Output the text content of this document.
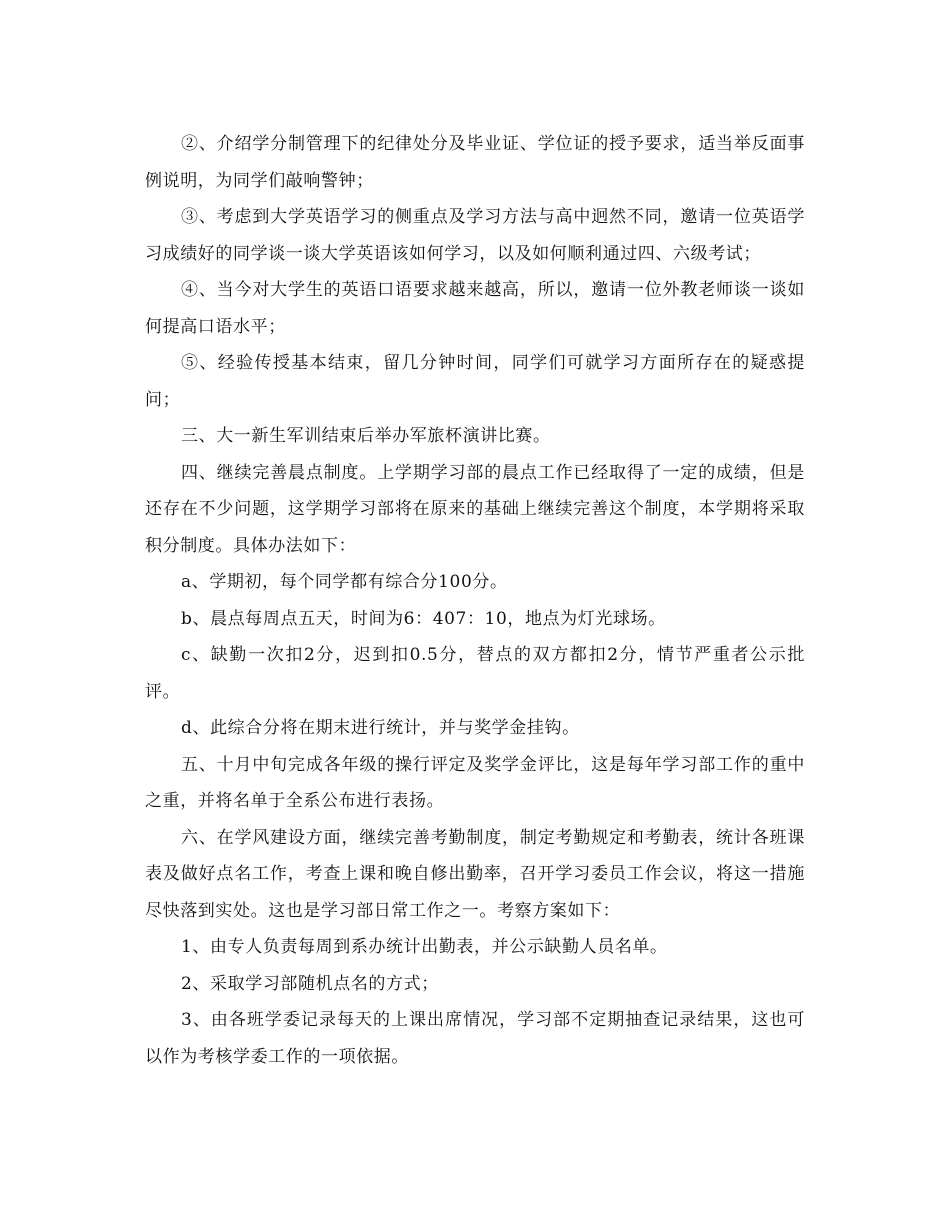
②、介绍学分制管理下的纪律处分及毕业证、学位证的授予要求，适当举反面事例说明，为同学们敲响警钟；

③、考虑到大学英语学习的侧重点及学习方法与高中迥然不同，邀请一位英语学习成绩好的同学谈一谈大学英语该如何学习，以及如何顺利通过四、六级考试；

④、当今对大学生的英语口语要求越来越高，所以，邀请一位外教老师谈一谈如何提高口语水平；

⑤、经验传授基本结束，留几分钟时间，同学们可就学习方面所存在的疑惑提问；

三、大一新生军训结束后举办军旅杯演讲比赛。

四、继续完善晨点制度。上学期学习部的晨点工作已经取得了一定的成绩，但是还存在不少问题，这学期学习部将在原来的基础上继续完善这个制度，本学期将采取积分制度。具体办法如下：

a、学期初，每个同学都有综合分100分。

b、晨点每周点五天，时间为6：407：10，地点为灯光球场。

c、缺勤一次扣2分，迟到扣0.5分，替点的双方都扣2分，情节严重者公示批评。

d、此综合分将在期末进行统计，并与奖学金挂钩。

五、十月中旬完成各年级的操行评定及奖学金评比，这是每年学习部工作的重中之重，并将名单于全系公布进行表扬。

六、在学风建设方面，继续完善考勤制度，制定考勤规定和考勤表，统计各班课表及做好点名工作，考查上课和晚自修出勤率，召开学习委员工作会议，将这一措施尽快落到实处。这也是学习部日常工作之一。考察方案如下：

1、由专人负责每周到系办统计出勤表，并公示缺勤人员名单。

2、采取学习部随机点名的方式；

3、由各班学委记录每天的上课出席情况，学习部不定期抽查记录结果，这也可以作为考核学委工作的一项依据。
